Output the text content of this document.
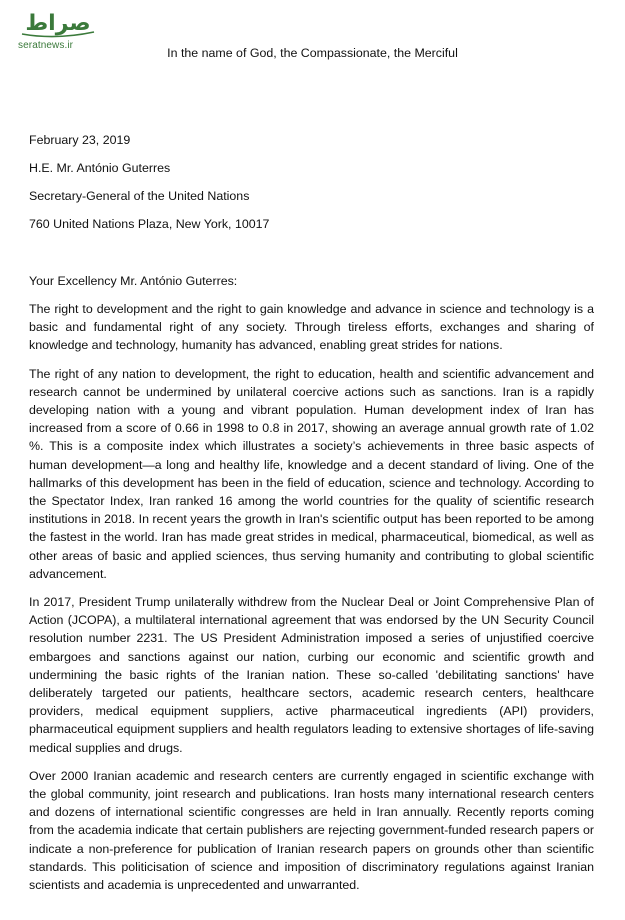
صراط
seratnews.ir
In the name of God, the Compassionate, the Merciful
February 23, 2019
H.E. Mr. António Guterres
Secretary-General of the United Nations
760 United Nations Plaza, New York, 10017
Your Excellency Mr. António Guterres:

The right to development and the right to gain knowledge and advance in science and technology is a basic and fundamental right of any society. Through tireless efforts, exchanges and sharing of knowledge and technology, humanity has advanced, enabling great strides for nations.

The right of any nation to development, the right to education, health and scientific advancement and research cannot be undermined by unilateral coercive actions such as sanctions. Iran is a rapidly developing nation with a young and vibrant population. Human development index of Iran has increased from a score of 0.66 in 1998 to 0.8 in 2017, showing an average annual growth rate of 1.02 %. This is a composite index which illustrates a society’s achievements in three basic aspects of human development—a long and healthy life, knowledge and a decent standard of living. One of the hallmarks of this development has been in the field of education, science and technology. According to the Spectator Index, Iran ranked 16 among the world countries for the quality of scientific research institutions in 2018. In recent years the growth in Iran's scientific output has been reported to be among the fastest in the world. Iran has made great strides in medical, pharmaceutical, biomedical, as well as other areas of basic and applied sciences, thus serving humanity and contributing to global scientific advancement.

In 2017, President Trump unilaterally withdrew from the Nuclear Deal or Joint Comprehensive Plan of Action (JCOPA), a multilateral international agreement that was endorsed by the UN Security Council resolution number 2231. The US President Administration imposed a series of unjustified coercive embargoes and sanctions against our nation, curbing our economic and scientific growth and undermining the basic rights of the Iranian nation. These so-called 'debilitating sanctions' have deliberately targeted our patients, healthcare sectors, academic research centers, healthcare providers, medical equipment suppliers, active pharmaceutical ingredients (API) providers, pharmaceutical equipment suppliers and health regulators leading to extensive shortages of life-saving medical supplies and drugs.

Over 2000 Iranian academic and research centers are currently engaged in scientific exchange with the global community, joint research and publications. Iran hosts many international research centers and dozens of international scientific congresses are held in Iran annually. Recently reports coming from the academia indicate that certain publishers are rejecting government-funded research papers or indicate a non-preference for publication of Iranian research papers on grounds other than scientific standards. This politicisation of science and imposition of discriminatory regulations against Iranian scientists and academia is unprecedented and unwarranted.
